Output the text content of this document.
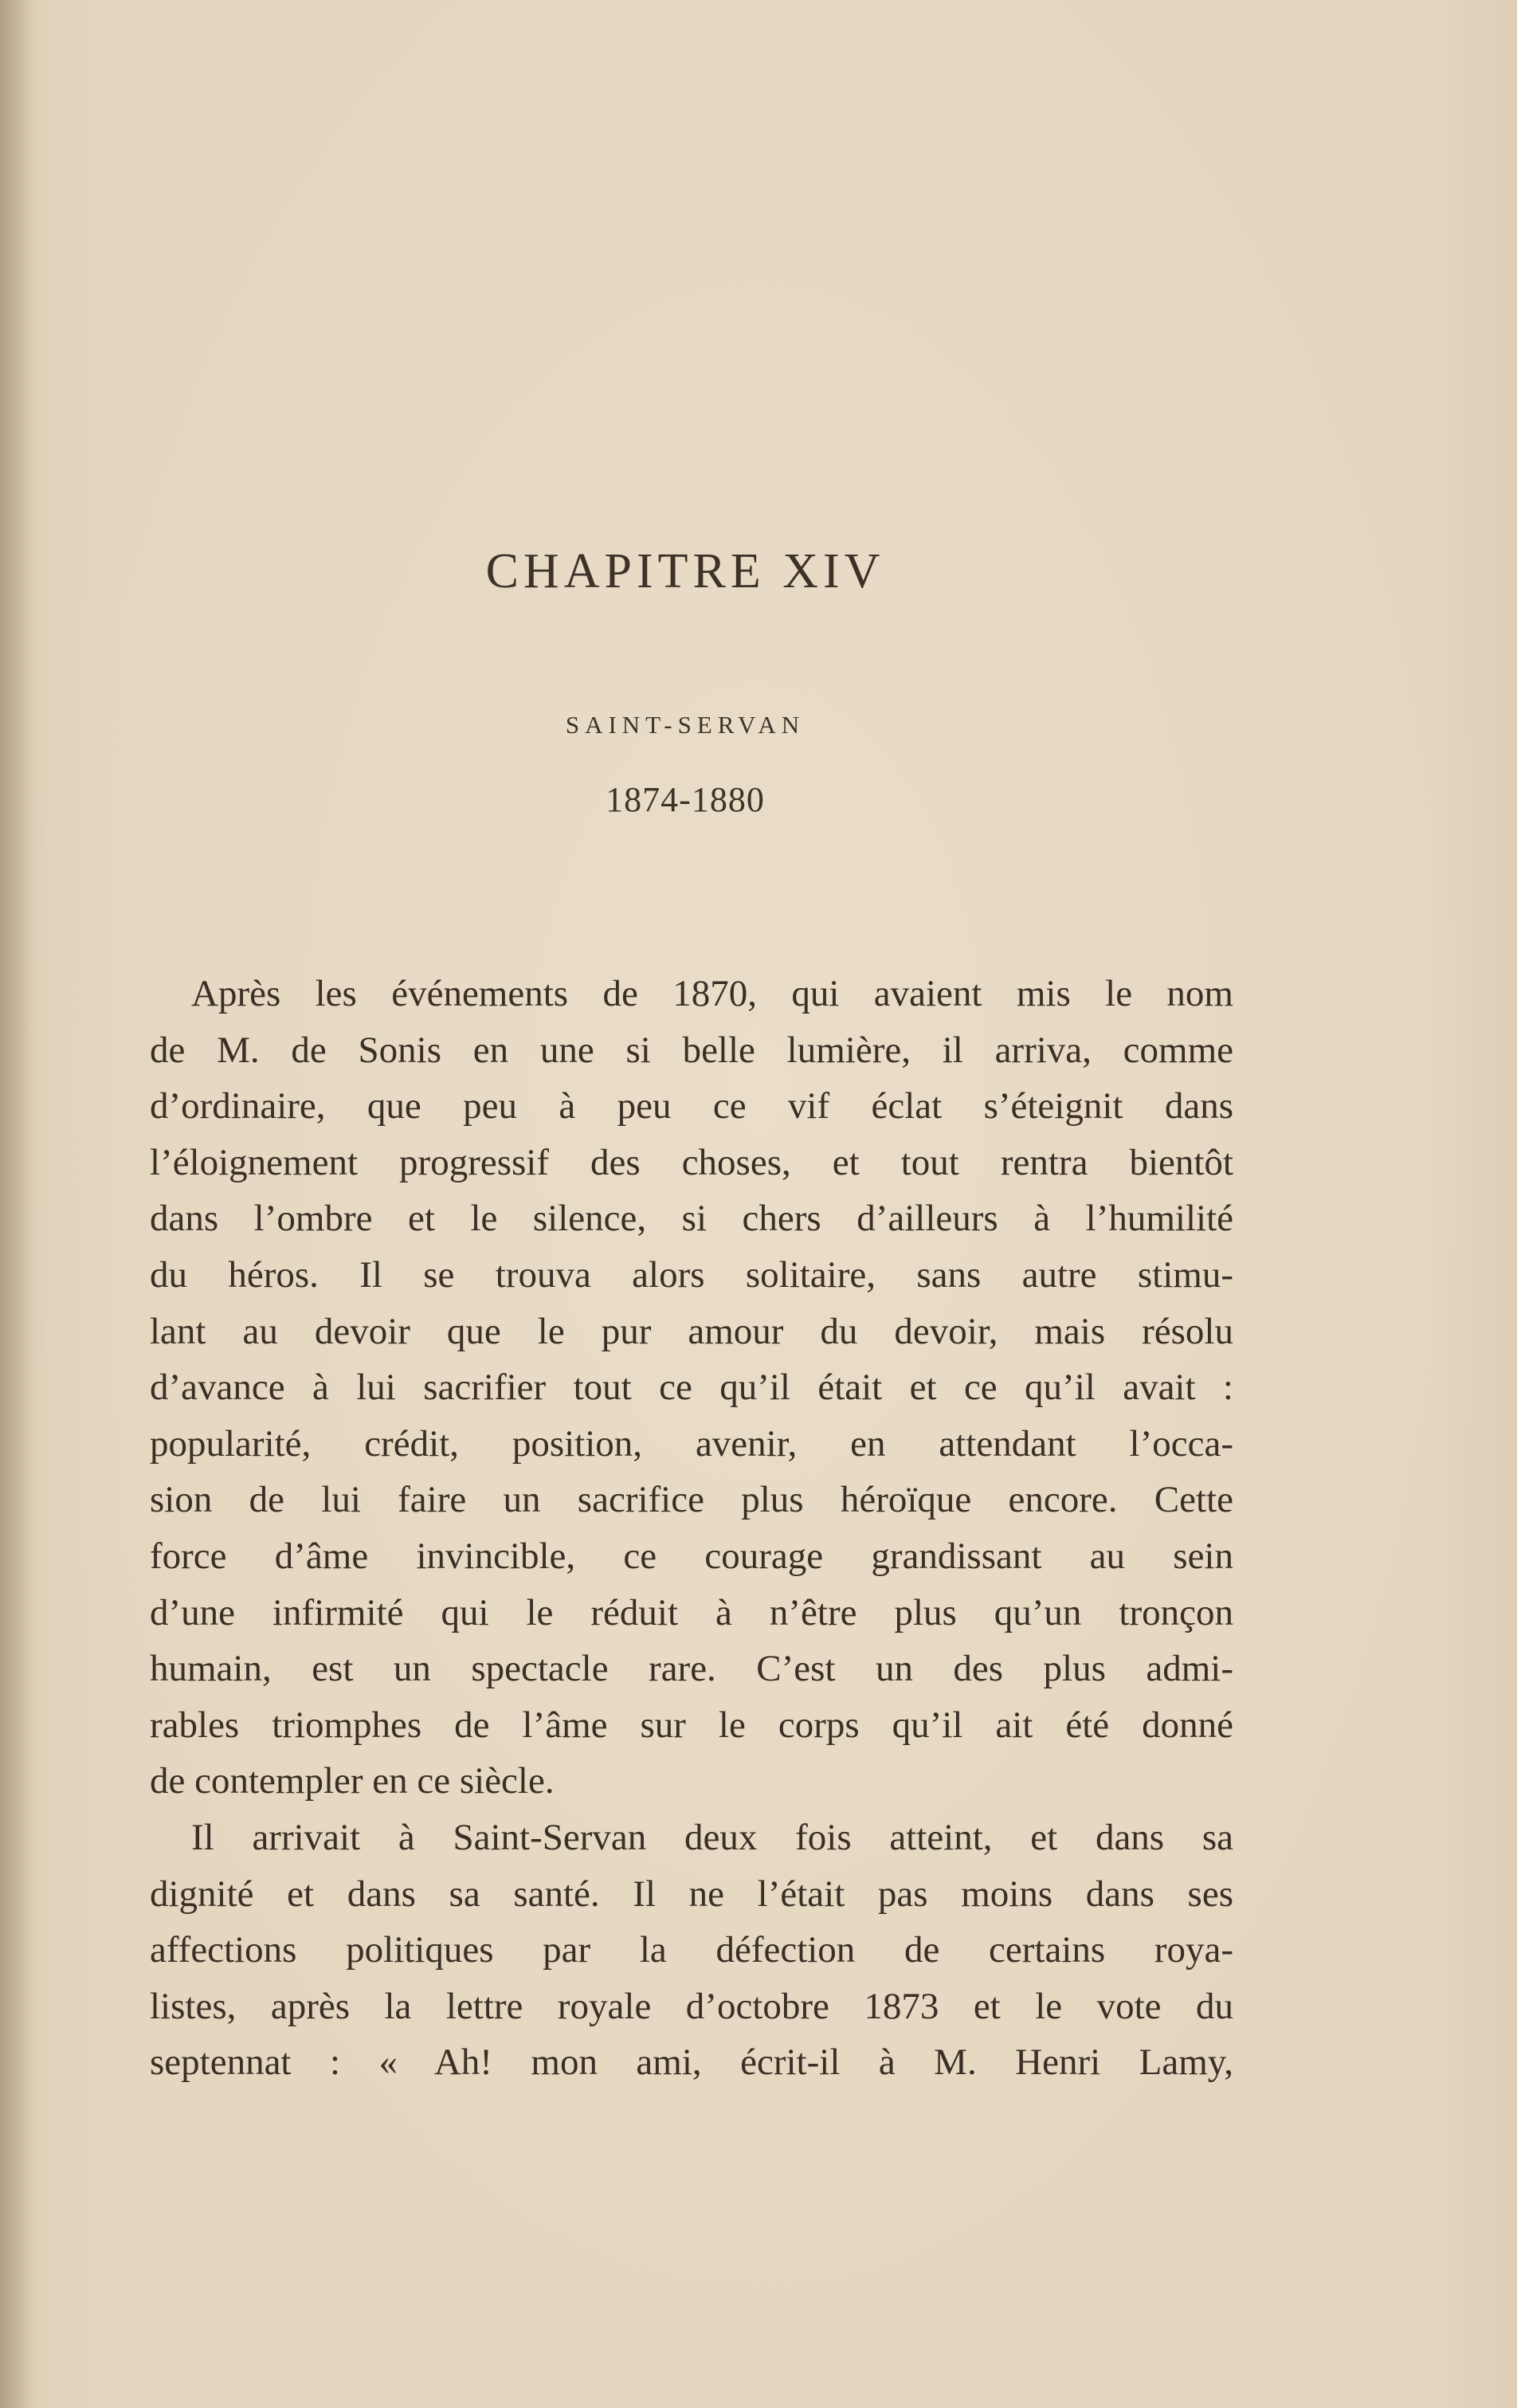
CHAPITRE XIV
SAINT-SERVAN
1874-1880
Après les événements de 1870, qui avaient mis le nom
de M. de Sonis en une si belle lumière, il arriva, comme
d’ordinaire, que peu à peu ce vif éclat s’éteignit dans
l’éloignement progressif des choses, et tout rentra bientôt
dans l’ombre et le silence, si chers d’ailleurs à l’humilité
du héros. Il se trouva alors solitaire, sans autre stimu-
lant au devoir que le pur amour du devoir, mais résolu
d’avance à lui sacrifier tout ce qu’il était et ce qu’il avait :
popularité, crédit, position, avenir, en attendant l’occa-
sion de lui faire un sacrifice plus héroïque encore. Cette
force d’âme invincible, ce courage grandissant au sein
d’une infirmité qui le réduit à n’être plus qu’un tronçon
humain, est un spectacle rare. C’est un des plus admi-
rables triomphes de l’âme sur le corps qu’il ait été donné
de contempler en ce siècle.
Il arrivait à Saint-Servan deux fois atteint, et dans sa
dignité et dans sa santé. Il ne l’était pas moins dans ses
affections politiques par la défection de certains roya-
listes, après la lettre royale d’octobre 1873 et le vote du
septennat : « Ah! mon ami, écrit-il à M. Henri Lamy,
